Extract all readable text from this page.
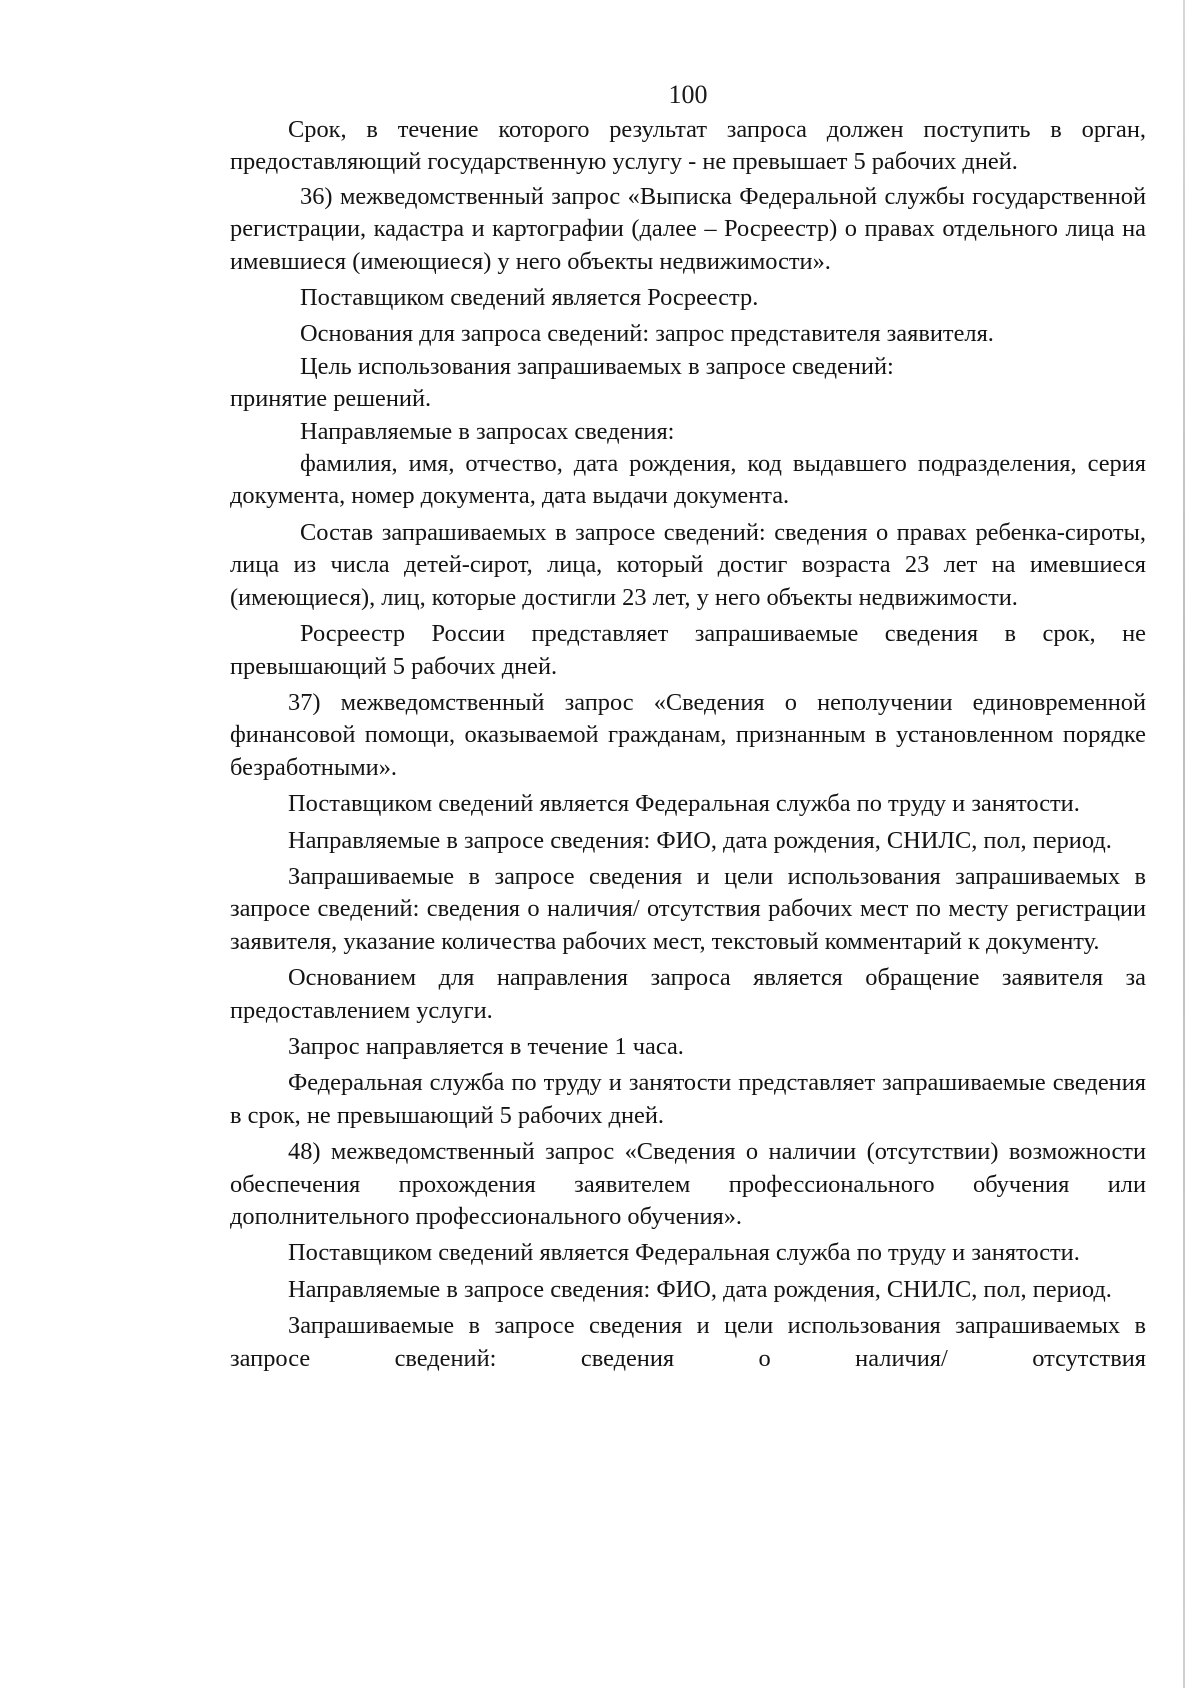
100

Срок, в течение которого результат запроса должен поступить в орган, предоставляющий государственную услугу - не превышает 5 рабочих дней.

36) межведомственный запрос «Выписка Федеральной службы государственной регистрации, кадастра и картографии (далее – Росреестр) о правах отдельного лица на имевшиеся (имеющиеся) у него объекты недвижимости».

Поставщиком сведений является Росреестр.

Основания для запроса сведений: запрос представителя заявителя.

Цель использования запрашиваемых в запросе сведений:

принятие решений.

Направляемые в запросах сведения:

фамилия, имя, отчество, дата рождения, код выдавшего подразделения, серия документа, номер документа, дата выдачи документа.

Состав запрашиваемых в запросе сведений: сведения о правах ребенка-сироты, лица из числа детей-сирот, лица, который достиг возраста 23 лет на имевшиеся (имеющиеся), лиц, которые достигли 23 лет, у него объекты недвижимости.

Росреестр России представляет запрашиваемые сведения в срок, не превышающий 5 рабочих дней.

37) межведомственный запрос «Сведения о неполучении единовременной финансовой помощи, оказываемой гражданам, признанным в установленном порядке безработными».

Поставщиком сведений является Федеральная служба по труду и занятости.

Направляемые в запросе сведения: ФИО, дата рождения, СНИЛС, пол, период.

Запрашиваемые в запросе сведения и цели использования запрашиваемых в запросе сведений: сведения о наличия/ отсутствия рабочих мест по месту регистрации заявителя, указание количества рабочих мест, текстовый комментарий к документу.

Основанием для направления запроса является обращение заявителя за предоставлением услуги.

Запрос направляется в течение 1 часа.

Федеральная служба по труду и занятости представляет запрашиваемые сведения в срок, не превышающий 5 рабочих дней.

48) межведомственный запрос «Сведения о наличии (отсутствии) возможности обеспечения прохождения заявителем профессионального обучения или дополнительного профессионального обучения».

Поставщиком сведений является Федеральная служба по труду и занятости.

Направляемые в запросе сведения: ФИО, дата рождения, СНИЛС, пол, период.

Запрашиваемые в запросе сведения и цели использования запрашиваемых в запросе сведений: сведения о наличия/ отсутствия
